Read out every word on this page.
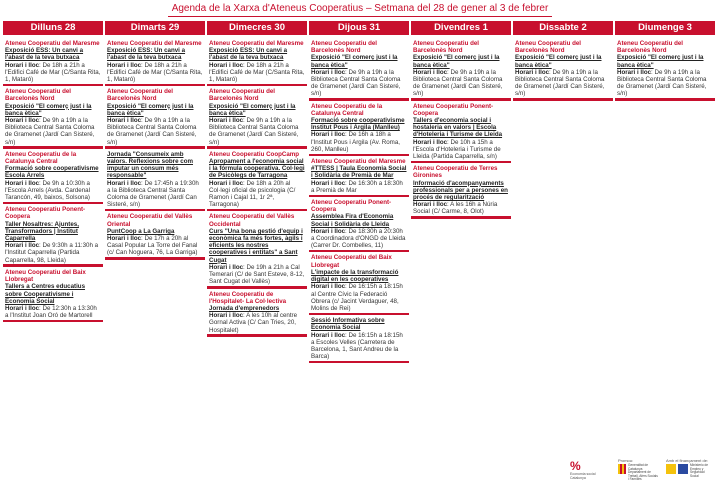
Agenda de la Xarxa d'Ateneus Cooperatius – Setmana del 28 de gener al 3 de febrer
Dilluns 28
Ateneu Cooperatiu del Maresme
Exposició ESS: Un canvi a l'abast de la teva butxaca
Horari i lloc: De 18h a 21h a l'Edifici Café de Mar (C/Santa Rita, 1, Mataró)
Ateneu Cooperatiu del Barcelonès Nord
Exposició "El comerç just i la banca ètica"
Horari i lloc: De 9h a 19h a la Biblioteca Central Santa Coloma de Gramenet (Jardí Can Sisteré, s/n)
Ateneu Cooperatiu de la Catalunya Central
Formació sobre cooperativisme Escola Arrels
Horari i lloc: De 9h a 10:30h a l'Escola Arrels (Avda. Cardenal Tarancón, 49, baixos, Solsona)
Ateneu Cooperatiu Ponent-Coopera
Taller Nosaltres: Ajuntes, Transformadors | Institut Caparrella
Horari i lloc: De 9:30h a 11:30h a l'Institut Caparrella (Partida Caparrella, 98, Lleida)
Ateneu Cooperatiu del Baix Llobregat
Tallers a Centres educatius sobre Cooperativisme i Economia Social
Horari i lloc: De 12:30h a 13:30h a l'Institut Joan Oró de Martorell
Dimarts 29
Ateneu Cooperatiu del Maresme
Exposició ESS: Un canvi a l'abast de la teva butxaca
Horari i lloc: De 18h a 21h a l'Edifici Café de Mar (C/Santa Rita, 1, Mataró)
Ateneu Cooperatiu del Barcelonès Nord
Exposició "El comerç just i la banca ètica"
Horari i lloc: De 9h a 19h a la Biblioteca Central Santa Coloma de Gramenet (Jardí Can Sisteré, s/n)
Jornada "Consumeix amb valors. Reflexions sobre com imputar un consum més responsable"
Horari i lloc: De 17:45h a 19:30h a la Biblioteca Central Santa Coloma de Gramenet (Jardí Can Sisteré, s/n)
Ateneu Cooperatiu del Vallès Oriental
PuntCoop a La Garriga
Horari i lloc: De 17h a 20h al Casal Popular La Torre del Fanal (c/ Can Noguera, 76, La Garriga)
Dimecres 30
Ateneu Cooperatiu del Maresme
Exposició ESS: Un canvi a l'abast de la teva butxaca
Horari i lloc: De 18h a 21h a l'Edifici Café de Mar (C/Santa Rita, 1, Mataró)
Ateneu Cooperatiu del Barcelonès Nord
Exposició "El comerç just i la banca ètica"
Horari i lloc: De 9h a 19h a la Biblioteca Central Santa Coloma de Gramenet (Jardí Can Sisteré, s/n)
Ateneu Cooperatiu CoopCamp
Apropament a l'economia social i la fórmula cooperativa. Col·legi de Psicòlegs de Tarragona
Horari i lloc: De 18h a 20h al Col·legi oficial de psicologia (C/ Ramon i Cajal 11, 1r 2ª, Tarragona)
Ateneu Cooperatiu del Vallès Occidental
Curs "Una bona gestió d'equip i econòmica fa més fortes, àgils i eficients les nostres cooperatives i entitats" a Sant Cugat
Horari i lloc: De 19h a 21h a Cal Temerari (C/ de Sant Esteve, 8-12, Sant Cugat del Vallès)
Ateneu Cooperatiu de l'Hospitalet- La Col·lectiva
Jornada d'emprenedors
Horari i lloc: A les 10h al centre Gornal Activa (C/ Can Tries, 20, Hospitalet)
Dijous 31
Ateneu Cooperatiu del Barcelonès Nord
Exposició "El comerç just i la banca ètica"
Horari i lloc: De 9h a 19h a la Biblioteca Central Santa Coloma de Gramenet (Jardí Can Sisteré, s/n)
Ateneu Cooperatiu de la Catalunya Central
Formació sobre cooperativisme Institut Pous i Argila (Manlleu)
Horari i lloc: De 16h a 18h a l'Institut Pous i Argila (Av. Roma, 260, Manlleu)
Ateneu Cooperatiu del Maresme
#TTESS | Taula Economia Social i Solidària de Premià de Mar
Horari i lloc: De 16:30h a 18:30h a Premià de Mar
Ateneu Cooperatiu Ponent-Coopera
Assemblea Fira d'Economia Social i Solidària de Lleida
Horari i lloc: De 18:30h a 20:30h a Coordinadora d'ONGD de Lleida (Carrer Dr. Combelles, 11)
Ateneu Cooperatiu del Baix Llobregat
L'impacte de la transformació digital en les cooperatives
Horari i lloc: De 16:15h a 18:15h al Centre Cívic la Federació Obrera (c/ Jacint Verdaguer, 48, Molins de Rei)
Sessió Informativa sobre Economia Social
Horari i lloc: De 16:15h a 18:15h a Escoles Velles (Carretera de Barcelona, 1, Sant Andreu de la Barca)
Divendres 1
Ateneu Cooperatiu del Barcelonès Nord
Exposició "El comerç just i la banca ètica"
Horari i lloc: De 9h a 19h a la Biblioteca Central Santa Coloma de Gramenet (Jardí Can Sisteré, s/n)
Ateneu Cooperatiu Ponent-Coopera
Tallers d'economia social i hostaleria en valors | Escola d'Hoteleria i Turisme de Lleida
Horari i lloc: De 10h a 15h a l'Escola d'Hoteleria i Turisme de Lleida (Partida Caparrella, s/n)
Ateneu Cooperatiu de Terres Gironines
Informació d'acompanyaments professionals per a persones en procés de regularització
Horari i lloc: A les 16h a Núria Social (C/ Carme, 8, Olot)
Dissabte 2
Ateneu Cooperatiu del Barcelonès Nord
Exposició "El comerç just i la banca ètica"
Horari i lloc: De 9h a 19h a la Biblioteca Central Santa Coloma de Gramenet (Jardí Can Sisteré, s/n)
Diumenge 3
Ateneu Cooperatiu del Barcelonès Nord
Exposició "El comerç just i la banca ètica"
Horari i lloc: De 9h a 19h a la Biblioteca Central Santa Coloma de Gramenet (Jardí Can Sisteré, s/n)
%
Economia social Catalunya
Promou:
Generalitat de Catalunya Departament de Treball, Afers Socials i Famílies
Amb el finançament de:
Ministerio de Empleo y Seguridad Social
